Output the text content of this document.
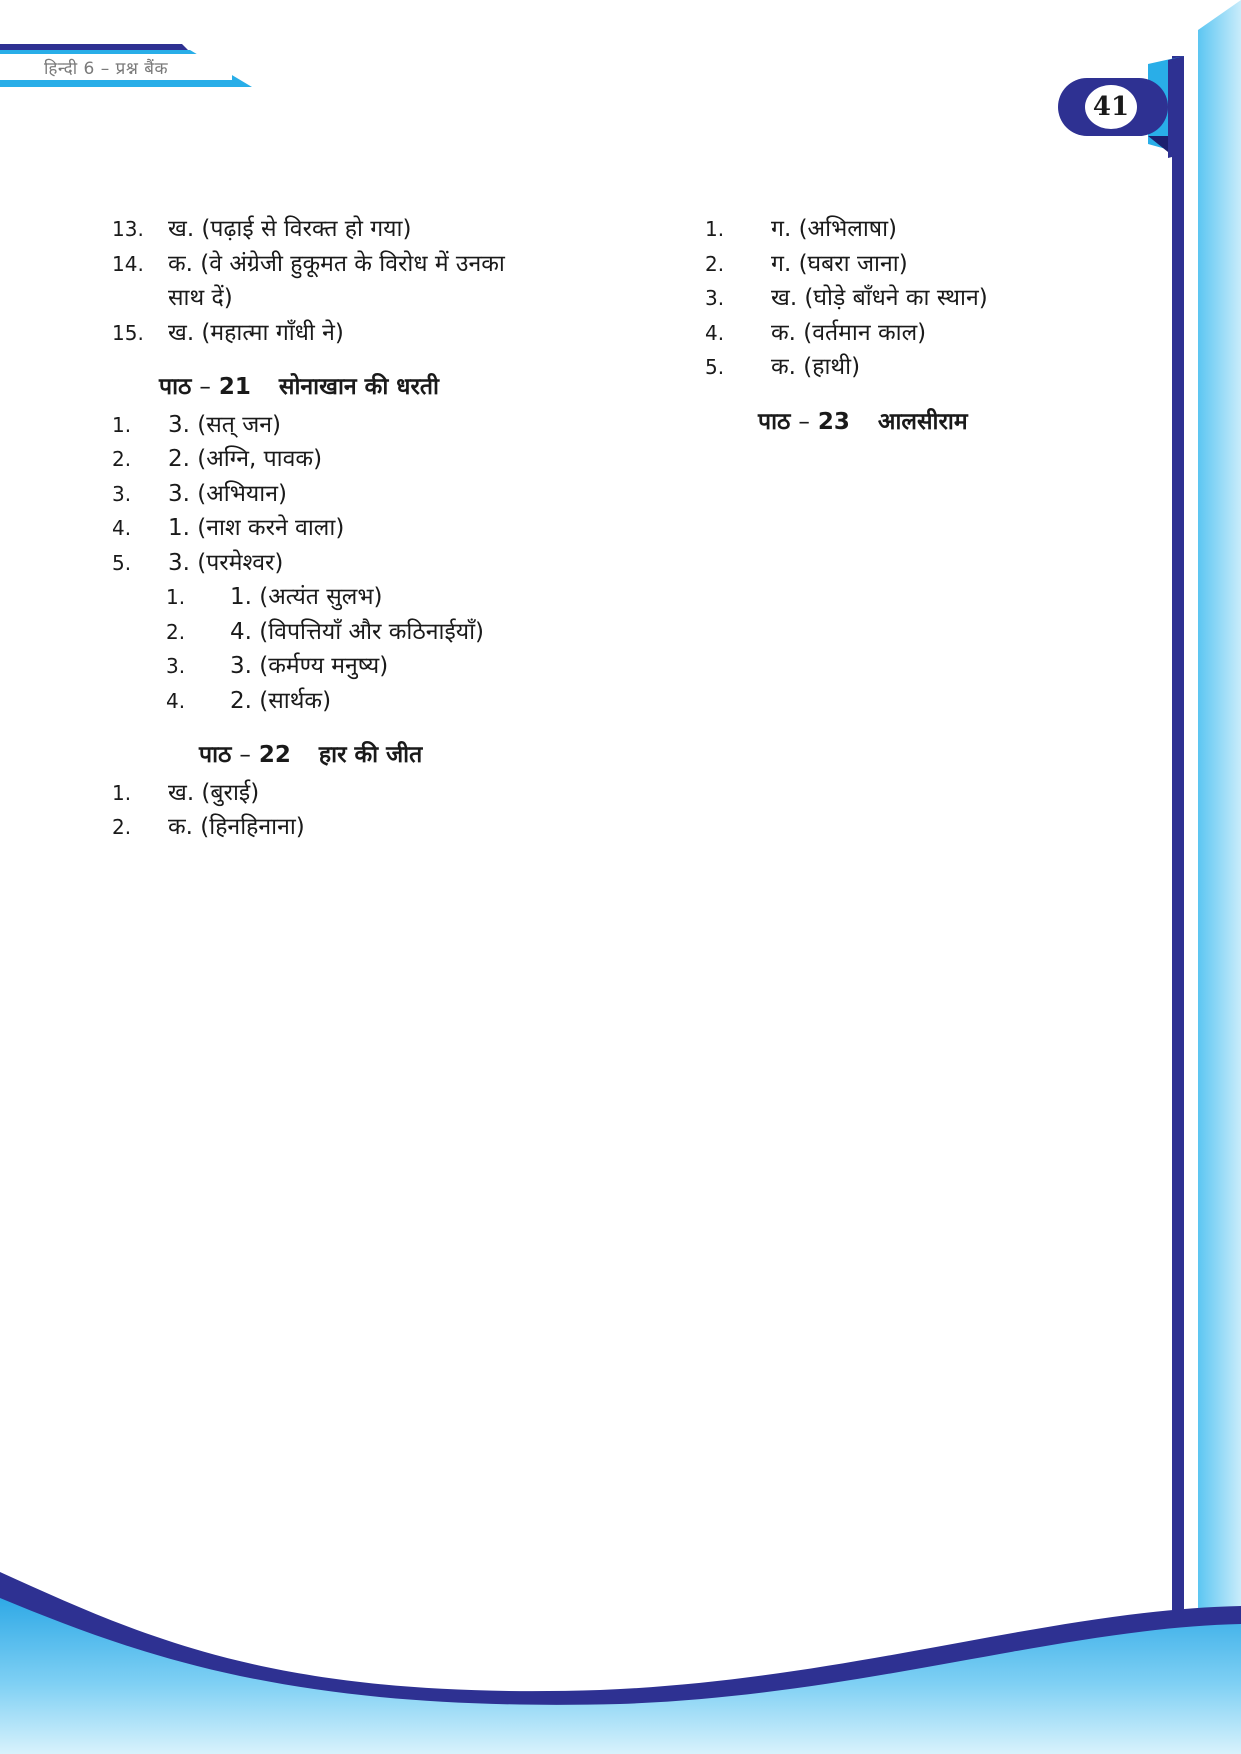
हिन्दी 6 – प्रश्न बैंक
41
13.	ख. (पढ़ाई से विरक्त हो गया)
14.	क. (वे अंग्रेजी हुकूमत के विरोध में उनका
साथ दें)
15.	ख. (महात्मा गाँधी ने)
पाठ – 21 सोनाखान की धरती
1.	3. (सत् जन)
2.	2. (अग्नि, पावक)
3.	3. (अभियान)
4.	1. (नाश करने वाला)
5.	3. (परमेश्वर)
1.	1. (अत्यंत सुलभ)
2.	4. (विपत्तियाँ और कठिनाईयाँ)
3.	3. (कर्मण्य मनुष्य)
4.	2. (सार्थक)
पाठ – 22 हार की जीत
1.	ख. (बुराई)
2.	क. (हिनहिनाना)
1.	ग. (अभिलाषा)
2.	ग. (घबरा जाना)
3.	ख. (घोड़े बाँधने का स्थान)
4.	क. (वर्तमान काल)
5.	क. (हाथी)
पाठ – 23 आलसीराम
